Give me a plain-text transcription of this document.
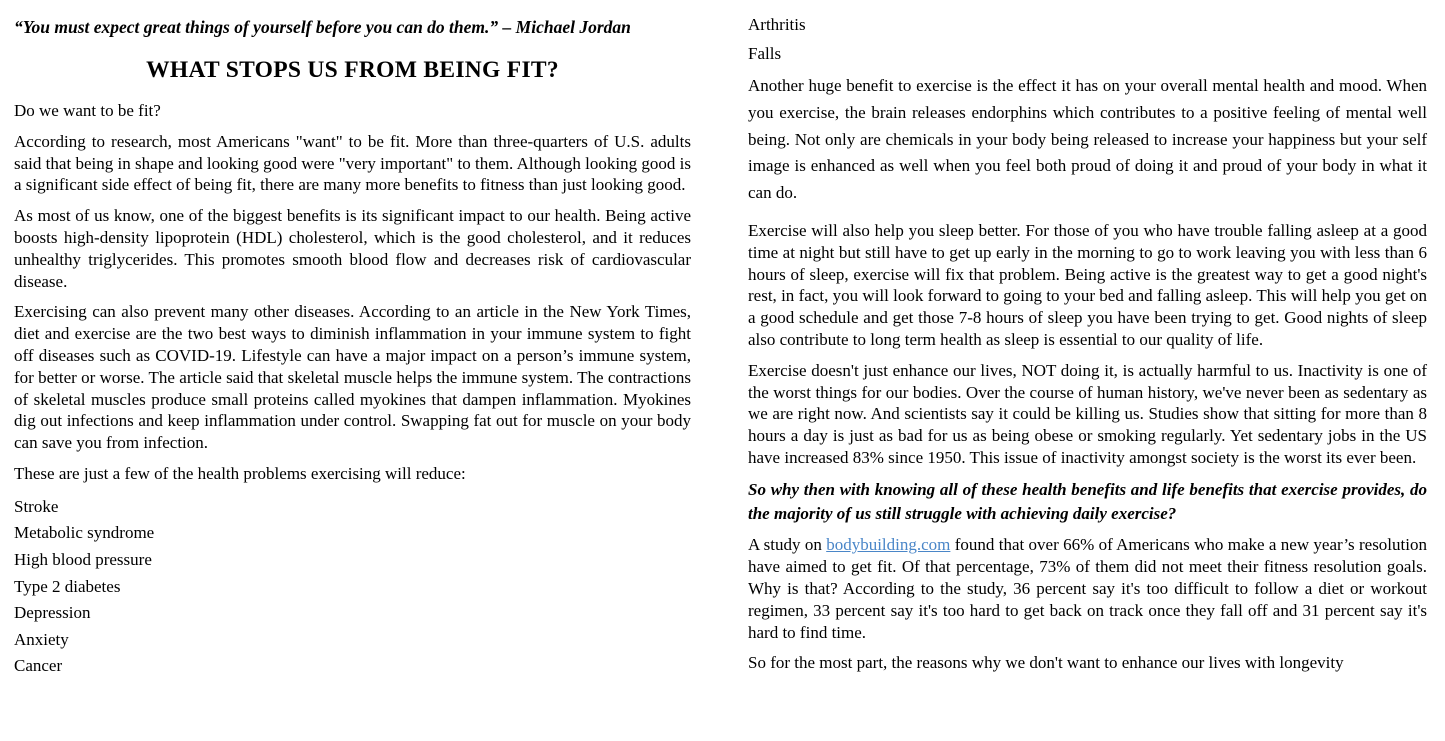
“You must expect great things of yourself before you can do them.” – Michael Jordan

WHAT STOPS US FROM BEING FIT?

Do we want to be fit?

According to research, most Americans "want" to be fit. More than three-quarters of U.S. adults said that being in shape and looking good were "very important" to them. Although looking good is a significant side effect of being fit, there are many more benefits to fitness than just looking good.

As most of us know, one of the biggest benefits is its significant impact to our health. Being active boosts high-density lipoprotein (HDL) cholesterol, which is the good cholesterol, and it reduces unhealthy triglycerides. This promotes smooth blood flow and decreases risk of cardiovascular disease.

Exercising can also prevent many other diseases. According to an article in the New York Times, diet and exercise are the two best ways to diminish inflammation in your immune system to fight off diseases such as COVID-19. Lifestyle can have a major impact on a person’s immune system, for better or worse. The article said that skeletal muscle helps the immune system. The contractions of skeletal muscles produce small proteins called myokines that dampen inflammation. Myokines dig out infections and keep inflammation under control. Swapping fat out for muscle on your body can save you from infection.

These are just a few of the health problems exercising will reduce:

Stroke

Metabolic syndrome

High blood pressure

Type 2 diabetes

Depression

Anxiety

Cancer

Arthritis

Falls

Another huge benefit to exercise is the effect it has on your overall mental health and mood. When you exercise, the brain releases endorphins which contributes to a positive feeling of mental well being. Not only are chemicals in your body being released to increase your happiness but your self image is enhanced as well when you feel both proud of doing it and proud of your body in what it can do.

Exercise will also help you sleep better. For those of you who have trouble falling asleep at a good time at night but still have to get up early in the morning to go to work leaving you with less than 6 hours of sleep, exercise will fix that problem. Being active is the greatest way to get a good night's rest, in fact, you will look forward to going to your bed and falling asleep. This will help you get on a good schedule and get those 7-8 hours of sleep you have been trying to get. Good nights of sleep also contribute to long term health as sleep is essential to our quality of life.

Exercise doesn't just enhance our lives, NOT doing it, is actually harmful to us. Inactivity is one of the worst things for our bodies. Over the course of human history, we've never been as sedentary as we are right now. And scientists say it could be killing us. Studies show that sitting for more than 8 hours a day is just as bad for us as being obese or smoking regularly. Yet sedentary jobs in the US have increased 83% since 1950. This issue of inactivity amongst society is the worst its ever been.

So why then with knowing all of these health benefits and life benefits that exercise provides, do the majority of us still struggle with achieving daily exercise?

A study on bodybuilding.com found that over 66% of Americans who make a new year’s resolution have aimed to get fit. Of that percentage, 73% of them did not meet their fitness resolution goals. Why is that? According to the study, 36 percent say it's too difficult to follow a diet or workout regimen, 33 percent say it's too hard to get back on track once they fall off and 31 percent say it's hard to find time.

So for the most part, the reasons why we don't want to enhance our lives with longevity
